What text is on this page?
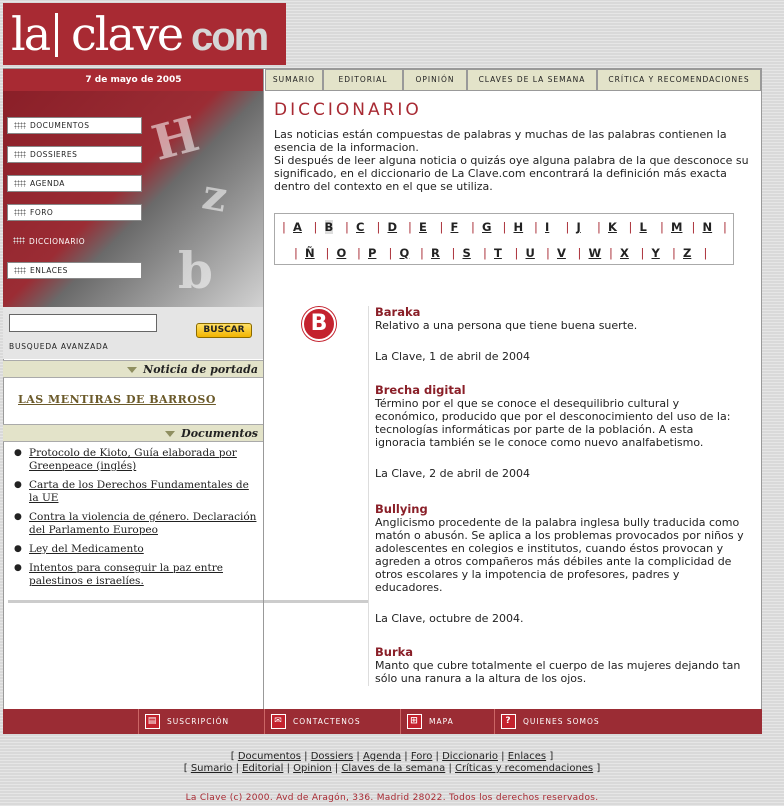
la clave com
7 de mayo de 2005
H
z
b
DOCUMENTOS
DOSSIERES
AGENDA
FORO
DICCIONARIO
ENLACES
BUSCAR
BUSQUEDA AVANZADA
Noticia de portada
LAS MENTIRAS DE BARROSO
Documentos
● Protocolo de Kioto, Guía elaborada por Greenpeace (inglés)
● Carta de los Derechos Fundamentales de la UE
● Contra la violencia de género. Declaración del Parlamento Europeo
● Ley del Medicamento
● Intentos para conseguir la paz entre palestinos e israelíes.
SUMARIO	EDITORIAL	OPINIÓN	CLAVES DE LA SEMANA	CRÍTICA Y RECOMENDACIONES
DICCIONARIO
Las noticias están compuestas de palabras y muchas de las palabras contienen la esencia de la informacion.
Si después de leer alguna noticia o quizás oye alguna palabra de la que desconoce su significado, en el diccionario de La Clave.com encontrará la definición más exacta dentro del contexto en el que se utiliza.
| A | B | C | D | E | F | G | H | I | J | K | L | M | N |
| Ñ | O | P | Q | R | S | T | U | V | W | X | Y | Z |
B	Baraka
Relativo a una persona que tiene buena suerte.
La Clave, 1 de abril de 2004
Brecha digital
Término por el que se conoce el desequilibrio cultural y económico, producido que por el desconocimiento del uso de la: tecnologías informáticas por parte de la población. A esta ignoracia también se le conoce como nuevo analfabetismo.
La Clave, 2 de abril de 2004
Bullying
Anglicismo procedente de la palabra inglesa bully traducida como matón o abusón. Se aplica a los problemas provocados por niños y adolescentes en colegios e institutos, cuando éstos provocan y agreden a otros compañeros más débiles ante la complicidad de otros escolares y la impotencia de profesores, padres y educadores.
La Clave, octubre de 2004.
Burka
Manto que cubre totalmente el cuerpo de las mujeres dejando tan sólo una ranura a la altura de los ojos.
▤	SUSCRIPCIÓN	✉	CONTACTENOS	⊞	MAPA	?	QUIENES SOMOS
[ Documentos | Dossiers | Agenda | Foro | Diccionario | Enlaces ]
[ Sumario | Editorial | Opinion | Claves de la semana | Críticas y recomendaciones ]
La Clave (c) 2000. Avd de Aragón, 336. Madrid 28022. Todos los derechos reservados.
